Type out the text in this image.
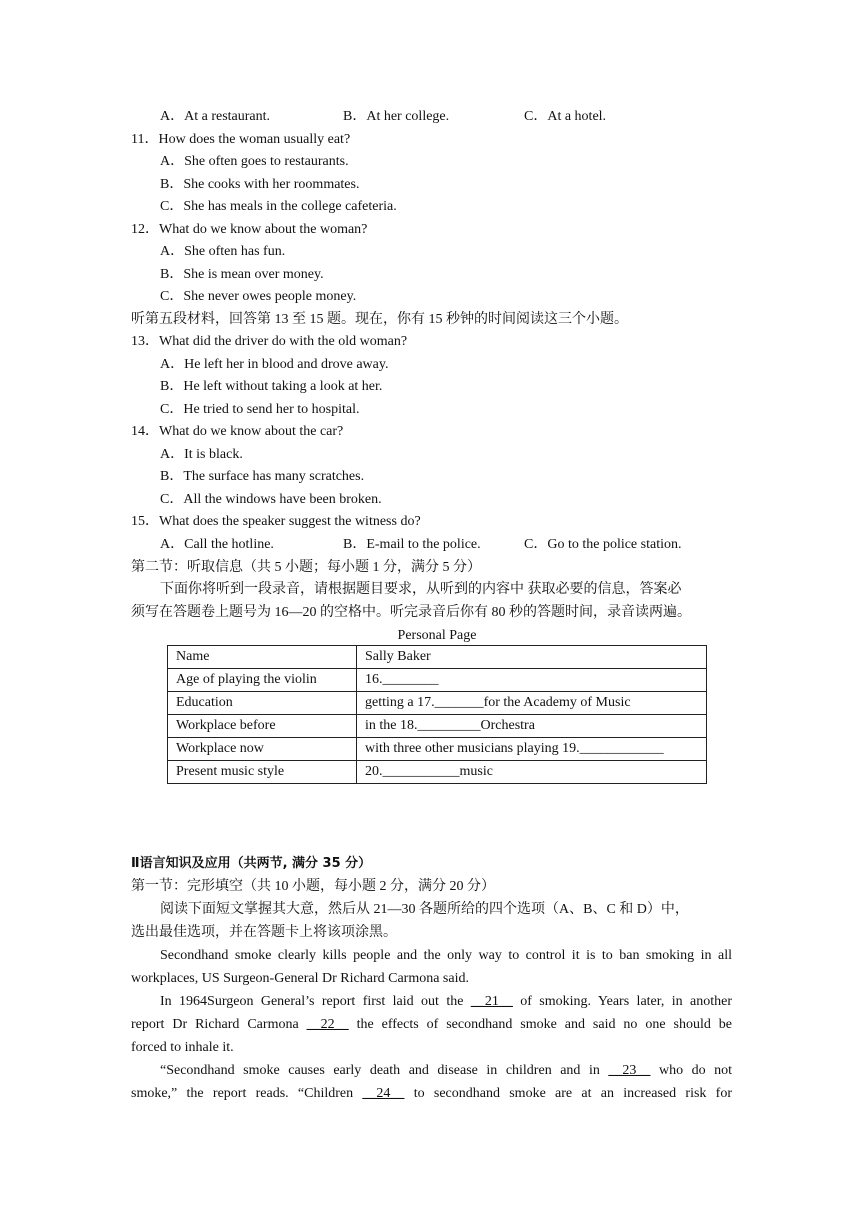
A．At a restaurant.	B．At her college.	C．At a hotel.
11．How does the woman usually eat?
A．She often goes to restaurants.
B．She cooks with her roommates.
C．She has meals in the college cafeteria.
12．What do we know about the woman?
A．She often has fun.
B．She is mean over money.
C．She never owes people money.
听第五段材料，回答第 13 至 15 题。现在，你有 15 秒钟的时间阅读这三个小题。
13．What did the driver do with the old woman?
A．He left her in blood and drove away.
B．He left without taking a look at her.
C．He tried to send her to hospital.
14．What do we know about the car?
A．It is black.
B．The surface has many scratches.
C．All the windows have been broken.
15．What does the speaker suggest the witness do?
A．Call the hotline.	B．E-mail to the police.	C．Go to the police station.
第二节：听取信息（共 5 小题；每小题 1 分，满分 5 分）
下面你将听到一段录音，请根据题目要求，从听到的内容中 获取必要的信息，答案必
须写在答题卷上题号为 16—20 的空格中。听完录音后你有 80 秒的答题时间，录音读两遍。
Personal Page
Name	Sally Baker
Age of playing the violin	16.________
Education	getting a 17._______for the Academy of Music
Workplace before	in the 18._________Orchestra
Workplace now	with three other musicians playing 19.____________
Present music style	20.___________music
Ⅱ语言知识及应用（共两节, 满分 35 分）
第一节：完形填空（共 10 小题，每小题 2 分，满分 20 分）
阅读下面短文掌握其大意，然后从 21—30 各题所给的四个选项（A、B、C 和 D）中，
选出最佳选项，并在答题卡上将该项涂黑。
Secondhand smoke clearly kills people and the only way to control it is to ban smoking in all
workplaces, US Surgeon-General Dr Richard Carmona said.
In 1964Surgeon General’s report first laid out the __21__ of smoking. Years later, in another
report Dr Richard Carmona __22__ the effects of secondhand smoke and said no one should be
forced to inhale it.
“Secondhand smoke causes early death and disease in children and in __23__ who do not
smoke,” the report reads. “Children __24__ to secondhand smoke are at an increased risk for
